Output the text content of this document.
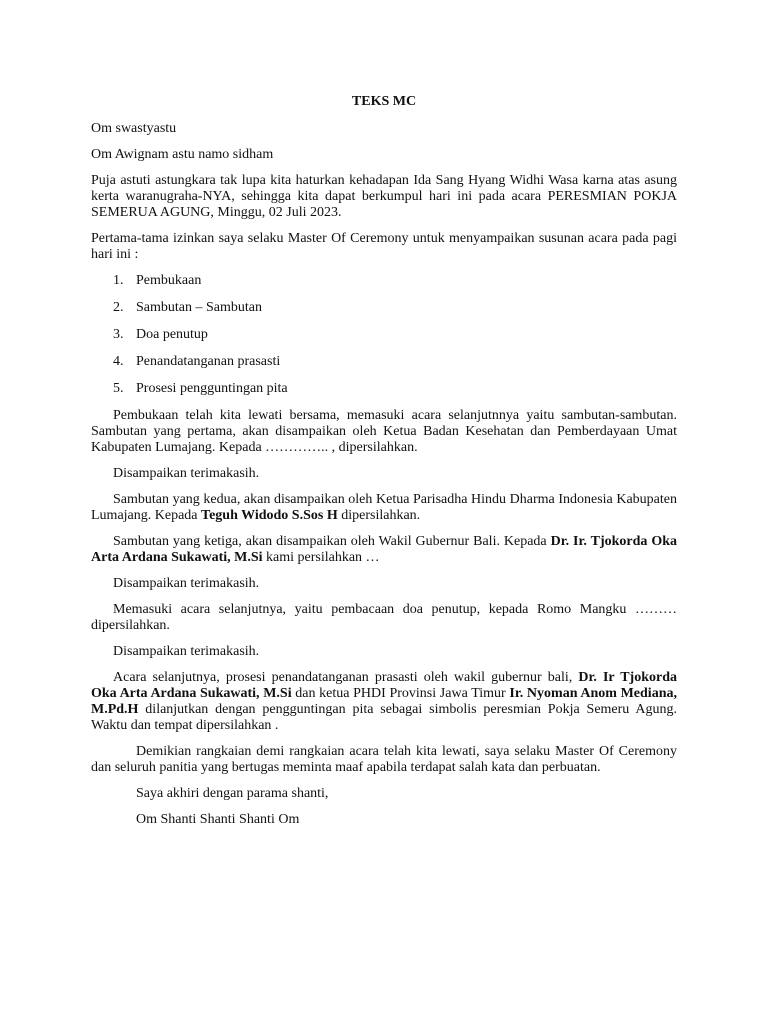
TEKS MC

Om swastyastu

Om Awignam astu namo sidham

Puja astuti astungkara tak lupa kita haturkan kehadapan Ida Sang Hyang Widhi Wasa karna atas asung kerta waranugraha-NYA, sehingga kita dapat berkumpul hari ini pada acara PERESMIAN POKJA SEMERUA AGUNG, Minggu, 02 Juli 2023.

Pertama-tama izinkan saya selaku Master Of Ceremony untuk menyampaikan susunan acara pada pagi hari ini :

1. Pembukaan
2. Sambutan – Sambutan
3. Doa penutup
4. Penandatanganan prasasti
5. Prosesi pengguntingan pita

Pembukaan telah kita lewati bersama, memasuki acara selanjutnnya yaitu sambutan-sambutan. Sambutan yang pertama, akan disampaikan oleh Ketua Badan Kesehatan dan Pemberdayaan Umat Kabupaten Lumajang. Kepada ………….. , dipersilahkan.

Disampaikan terimakasih.

Sambutan yang kedua, akan disampaikan oleh Ketua Parisadha Hindu Dharma Indonesia Kabupaten Lumajang. Kepada Teguh Widodo S.Sos H dipersilahkan.

Sambutan yang ketiga, akan disampaikan oleh Wakil Gubernur Bali. Kepada Dr. Ir. Tjokorda Oka Arta Ardana Sukawati, M.Si kami persilahkan …

Disampaikan terimakasih.

Memasuki acara selanjutnya, yaitu pembacaan doa penutup, kepada Romo Mangku ……… dipersilahkan.

Disampaikan terimakasih.

Acara selanjutnya, prosesi penandatanganan prasasti oleh wakil gubernur bali, Dr. Ir Tjokorda Oka Arta Ardana Sukawati, M.Si dan ketua PHDI Provinsi Jawa Timur Ir. Nyoman Anom Mediana, M.Pd.H dilanjutkan dengan pengguntingan pita sebagai simbolis peresmian Pokja Semeru Agung. Waktu dan tempat dipersilahkan .

Demikian rangkaian demi rangkaian acara telah kita lewati, saya selaku Master Of Ceremony dan seluruh panitia yang bertugas meminta maaf apabila terdapat salah kata dan perbuatan.

Saya akhiri dengan parama shanti,

Om Shanti Shanti Shanti Om
